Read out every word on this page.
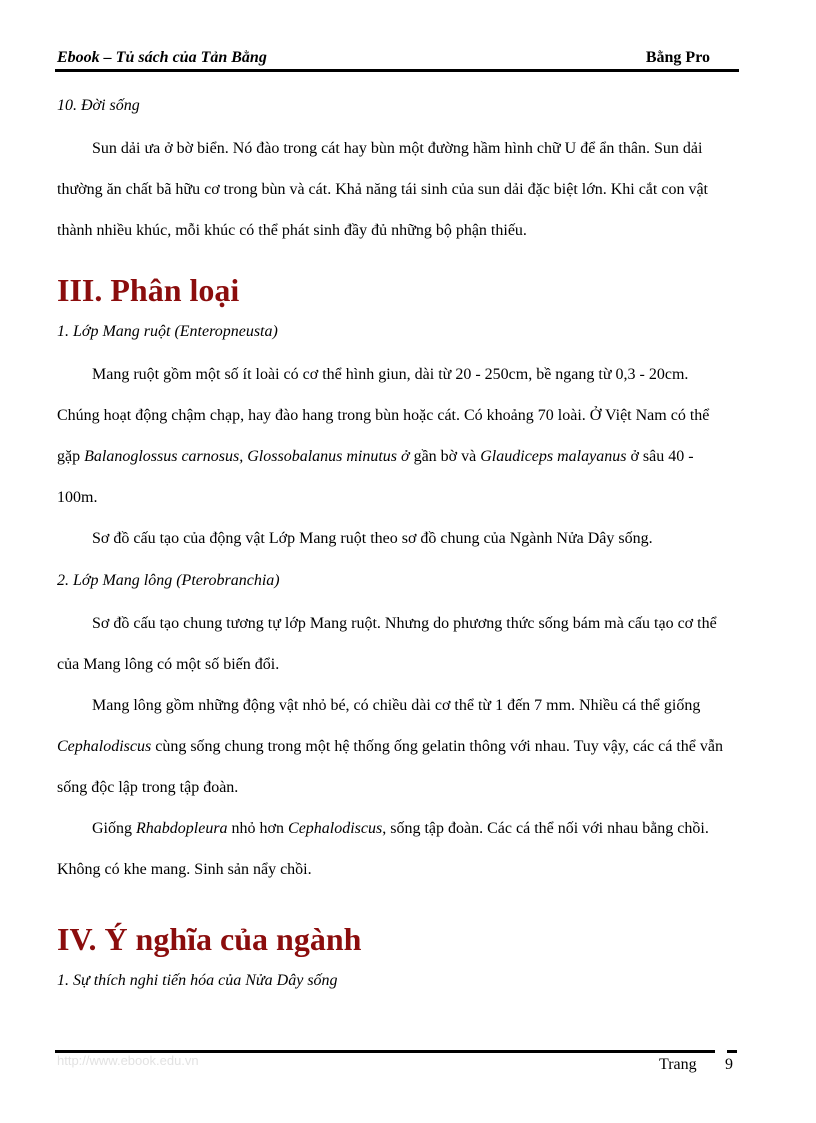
Ebook – Tủ sách của Tản Bằng	Bằng Pro

10. Đời sống

Sun dải ưa ở bờ biển. Nó đào trong cát hay bùn một đường hầm hình chữ U để ẩn thân. Sun dải thường ăn chất bã hữu cơ trong bùn và cát. Khả năng tái sinh của sun dải đặc biệt lớn. Khi cắt con vật thành nhiều khúc, mỗi khúc có thể phát sinh đầy đủ những bộ phận thiếu.

III. Phân loại

1. Lớp Mang ruột (Enteropneusta)

Mang ruột gồm một số ít loài có cơ thể hình giun, dài từ 20 - 250cm, bề ngang từ 0,3 - 20cm. Chúng hoạt động chậm chạp, hay đào hang trong bùn hoặc cát. Có khoảng 70 loài. Ở Việt Nam có thể gặp Balanoglossus carnosus, Glossobalanus minutus ở gần bờ và Glaudiceps malayanus ở sâu 40 - 100m.

Sơ đồ cấu tạo của động vật Lớp Mang ruột theo sơ đồ chung của Ngành Nửa Dây sống.

2. Lớp Mang lông (Pterobranchia)

Sơ đồ cấu tạo chung tương tự lớp Mang ruột. Nhưng do phương thức sống bám mà cấu tạo cơ thể của Mang lông có một số biến đổi.

Mang lông gồm những động vật nhỏ bé, có chiều dài cơ thể từ 1 đến 7 mm. Nhiều cá thể giống Cephalodiscus cùng sống chung trong một hệ thống ống gelatin thông với nhau. Tuy vậy, các cá thể vẫn sống độc lập trong tập đoàn.

Giống Rhabdopleura nhỏ hơn Cephalodiscus, sống tập đoàn. Các cá thể nối với nhau bằng chồi. Không có khe mang. Sinh sản nẩy chồi.

IV. Ý nghĩa của ngành

1. Sự thích nghi tiến hóa của Nửa Dây sống

http://www.ebook.edu.vn	Trang 9
